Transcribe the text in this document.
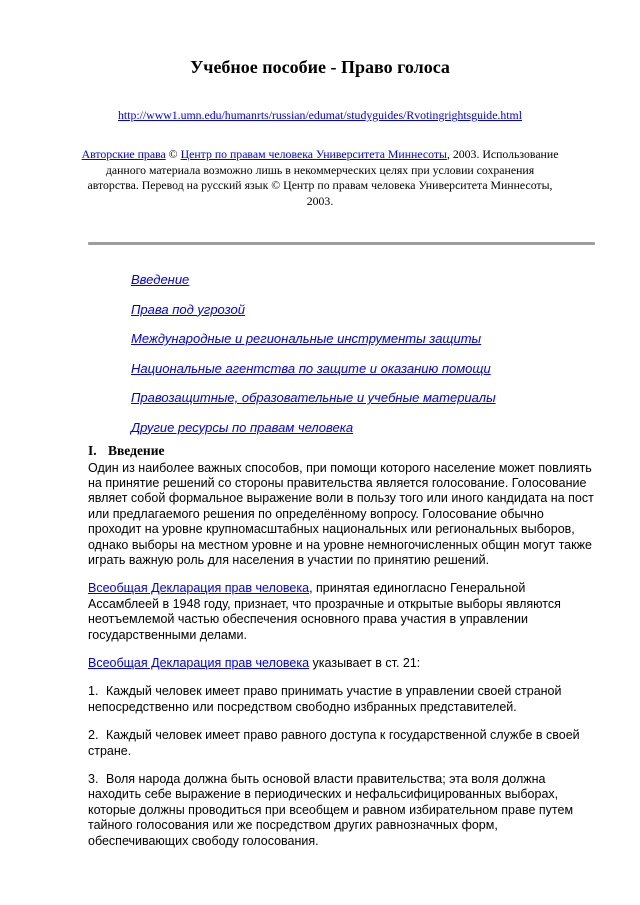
Учебное пособие - Право голоса

http://www1.umn.edu/humanrts/russian/edumat/studyguides/Rvotingrightsguide.html

Авторские права © Центр по правам человека Университета Миннесоты, 2003. Использование данного материала возможно лишь в некоммерческих целях при условии сохранения авторства. Перевод на русский язык © Центр по правам человека Университета Миннесоты, 2003.

Введение

Права под угрозой

Международные и региональные инструменты защиты

Национальные агентства по защите и оказанию помощи

Правозащитные, образовательные и учебные материалы

Другие ресурсы по правам человека

I. Введение

Один из наиболее важных способов, при помощи которого население может повлиять на принятие решений со стороны правительства является голосование. Голосование являет собой формальное выражение воли в пользу того или иного кандидата на пост или предлагаемого решения по определённому вопросу. Голосование обычно проходит на уровне крупномасштабных национальных или региональных выборов, однако выборы на местном уровне и на уровне немногочисленных общин могут также играть важную роль для населения в участии по принятию решений.

Всеобщая Декларация прав человека, принятая единогласно Генеральной Ассамблеей в 1948 году, признает, что прозрачные и открытые выборы являются неотъемлемой частью обеспечения основного права участия в управлении государственными делами.

Всеобщая Декларация прав человека указывает в ст. 21:

1. Каждый человек имеет право принимать участие в управлении своей страной непосредственно или посредством свободно избранных представителей.

2. Каждый человек имеет право равного доступа к государственной службе в своей стране.

3. Воля народа должна быть основой власти правительства; эта воля должна находить себе выражение в периодических и нефальсифицированных выборах, которые должны проводиться при всеобщем и равном избирательном праве путем тайного голосования или же посредством других равнозначных форм, обеспечивающих свободу голосования.
